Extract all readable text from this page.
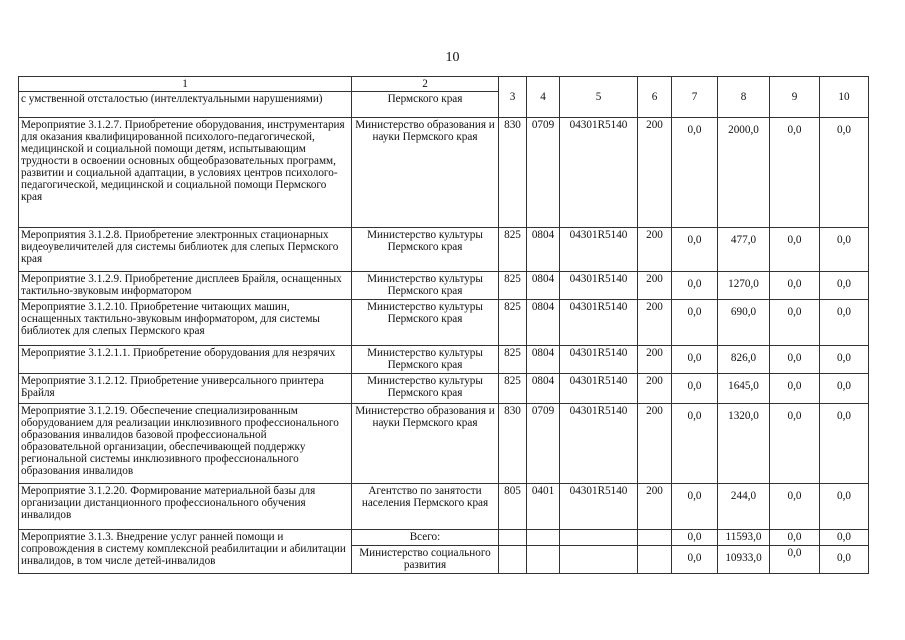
10
1	2	3	4	5	6	7	8	9	10
с умственной отсталостью (интеллектуальными нарушениями)	Пермского края								
Мероприятие 3.1.2.7. Приобретение оборудования, инструментария для оказания квалифицированной психолого-педагогической, медицинской и социальной помощи детям, испытывающим трудности в освоении основных общеобразовательных программ, развитии и социальной адаптации, в условиях центров психолого-педагогической, медицинской и социальной помощи Пермского края	Министерство образования и науки Пермского края	830	0709	04301R5140	200	0,0	2000,0	0,0	0,0
Мероприятия 3.1.2.8. Приобретение электронных стационарных видеоувеличителей для системы библиотек для слепых Пермского края	Министерство культуры Пермского края	825	0804	04301R5140	200	0,0	477,0	0,0	0,0
Мероприятие 3.1.2.9. Приобретение дисплеев Брайля, оснащенных тактильно-звуковым информатором	Министерство культуры Пермского края	825	0804	04301R5140	200	0,0	1270,0	0,0	0,0
Мероприятие 3.1.2.10. Приобретение читающих машин, оснащенных тактильно-звуковым информатором, для системы библиотек для слепых Пермского края	Министерство культуры Пермского края	825	0804	04301R5140	200	0,0	690,0	0,0	0,0
Мероприятие 3.1.2.1.1. Приобретение оборудования для незрячих	Министерство культуры Пермского края	825	0804	04301R5140	200	0,0	826,0	0,0	0,0
Мероприятие 3.1.2.12. Приобретение универсального принтера Брайля	Министерство культуры Пермского края	825	0804	04301R5140	200	0,0	1645,0	0,0	0,0
Мероприятие 3.1.2.19. Обеспечение специализированным оборудованием для реализации инклюзивного профессионального образования инвалидов базовой профессиональной образовательной организации, обеспечивающей поддержку региональной системы инклюзивного профессионального образования инвалидов	Министерство образования и науки Пермского края	830	0709	04301R5140	200	0,0	1320,0	0,0	0,0
Мероприятие 3.1.2.20. Формирование материальной базы для организации дистанционного профессионального обучения инвалидов	Агентство по занятости населения Пермского края	805	0401	04301R5140	200	0,0	244,0	0,0	0,0
Мероприятие 3.1.3. Внедрение услуг ранней помощи и сопровождения в систему комплексной реабилитации и абилитации инвалидов, в том числе детей-инвалидов	Всего:					0,0	11593,0	0,0	0,0
	Министерство социального развития					0,0	10933,0	0,0	0,0
